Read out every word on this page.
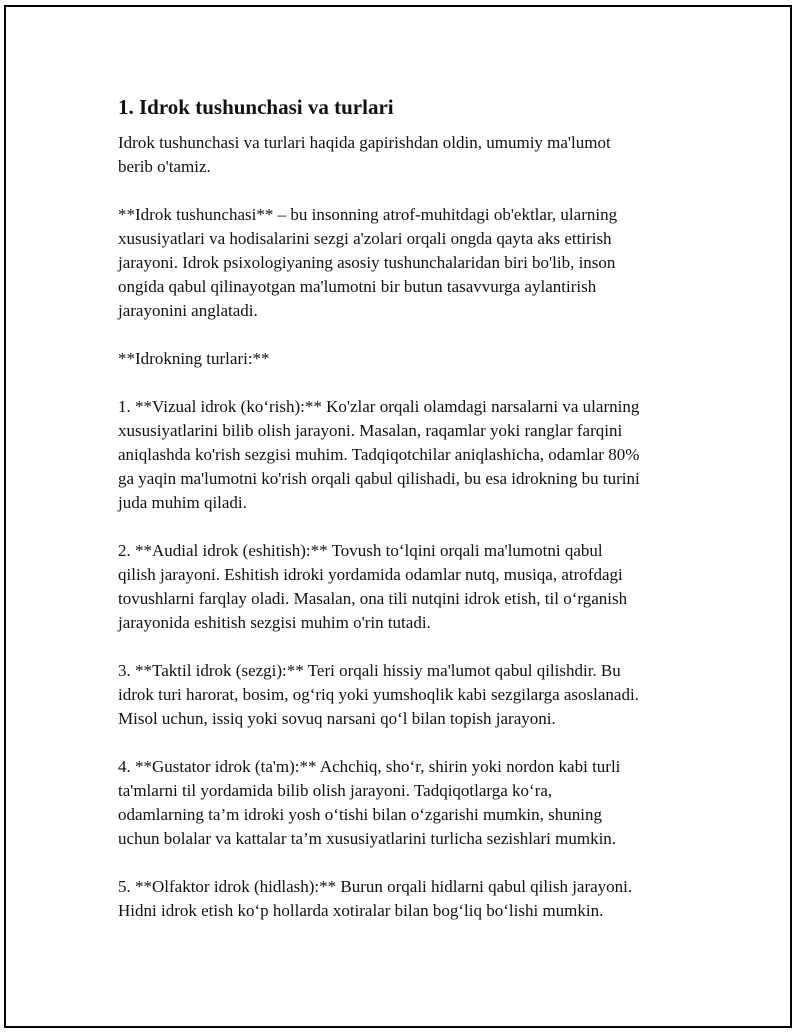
1. Idrok tushunchasi va turlari
Idrok tushunchasi va turlari haqida gapirishdan oldin, umumiy ma'lumot
berib o'tamiz.
**Idrok tushunchasi** – bu insonning atrof-muhitdagi ob'ektlar, ularning
xususiyatlari va hodisalarini sezgi a'zolari orqali ongda qayta aks ettirish
jarayoni. Idrok psixologiyaning asosiy tushunchalaridan biri bo'lib, inson
ongida qabul qilinayotgan ma'lumotni bir butun tasavvurga aylantirish
jarayonini anglatadi.
**Idrokning turlari:**
1. **Vizual idrok (ko‘rish):** Ko'zlar orqali olamdagi narsalarni va ularning
xususiyatlarini bilib olish jarayoni. Masalan, raqamlar yoki ranglar farqini
aniqlashda ko'rish sezgisi muhim. Tadqiqotchilar aniqlashicha, odamlar 80%
ga yaqin ma'lumotni ko'rish orqali qabul qilishadi, bu esa idrokning bu turini
juda muhim qiladi.
2. **Audial idrok (eshitish):** Tovush to‘lqini orqali ma'lumotni qabul
qilish jarayoni. Eshitish idroki yordamida odamlar nutq, musiqa, atrofdagi
tovushlarni farqlay oladi. Masalan, ona tili nutqini idrok etish, til o‘rganish
jarayonida eshitish sezgisi muhim o'rin tutadi.
3. **Taktil idrok (sezgi):** Teri orqali hissiy ma'lumot qabul qilishdir. Bu
idrok turi harorat, bosim, og‘riq yoki yumshoqlik kabi sezgilarga asoslanadi.
Misol uchun, issiq yoki sovuq narsani qo‘l bilan topish jarayoni.
4. **Gustator idrok (ta'm):** Achchiq, sho‘r, shirin yoki nordon kabi turli
ta'mlarni til yordamida bilib olish jarayoni. Tadqiqotlarga ko‘ra,
odamlarning ta’m idroki yosh o‘tishi bilan o‘zgarishi mumkin, shuning
uchun bolalar va kattalar ta’m xususiyatlarini turlicha sezishlari mumkin.
5. **Olfaktor idrok (hidlash):** Burun orqali hidlarni qabul qilish jarayoni.
Hidni idrok etish ko‘p hollarda xotiralar bilan bog‘liq bo‘lishi mumkin.
